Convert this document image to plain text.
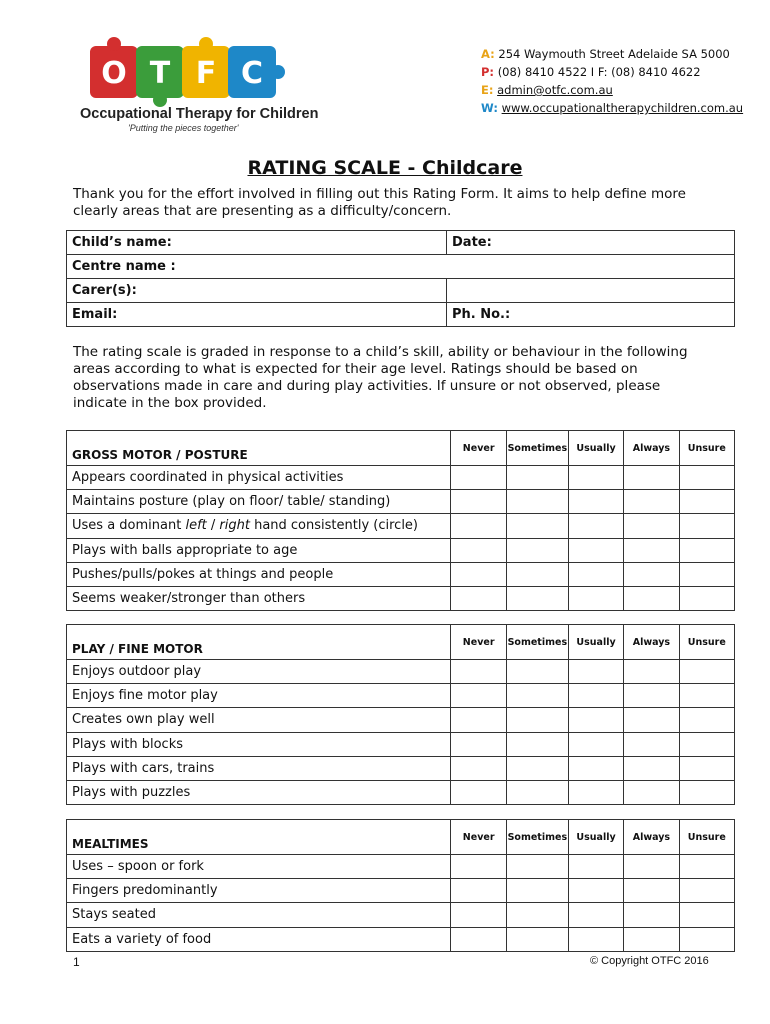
O T F C
Occupational Therapy for Children
'Putting the pieces together'
A: 254 Waymouth Street Adelaide SA 5000
P: (08) 8410 4522 I F: (08) 8410 4622
E: admin@otfc.com.au
W: www.occupationaltherapychildren.com.au
RATING SCALE - Childcare
Thank you for the effort involved in filling out this Rating Form. It aims to help define more clearly areas that are presenting as a difficulty/concern.
Child’s name:	Date:
Centre name :	
Carer(s):	
Email:	Ph. No.:
The rating scale is graded in response to a child’s skill, ability or behaviour in the following areas according to what is expected for their age level. Ratings should be based on observations made in care and during play activities. If unsure or not observed, please indicate in the box provided.
GROSS MOTOR / POSTURE	Never	Sometimes	Usually	Always	Unsure
Appears coordinated in physical activities					
Maintains posture (play on floor/ table/ standing)					
Uses a dominant left / right hand consistently (circle)					
Plays with balls appropriate to age					
Pushes/pulls/pokes at things and people					
Seems weaker/stronger than others					
PLAY / FINE MOTOR	Never	Sometimes	Usually	Always	Unsure
Enjoys outdoor play					
Enjoys fine motor play					
Creates own play well					
Plays with blocks					
Plays with cars, trains					
Plays with puzzles					
MEALTIMES	Never	Sometimes	Usually	Always	Unsure
Uses – spoon or fork					
Fingers predominantly					
Stays seated					
Eats a variety of food					
1	© Copyright OTFC 2016
